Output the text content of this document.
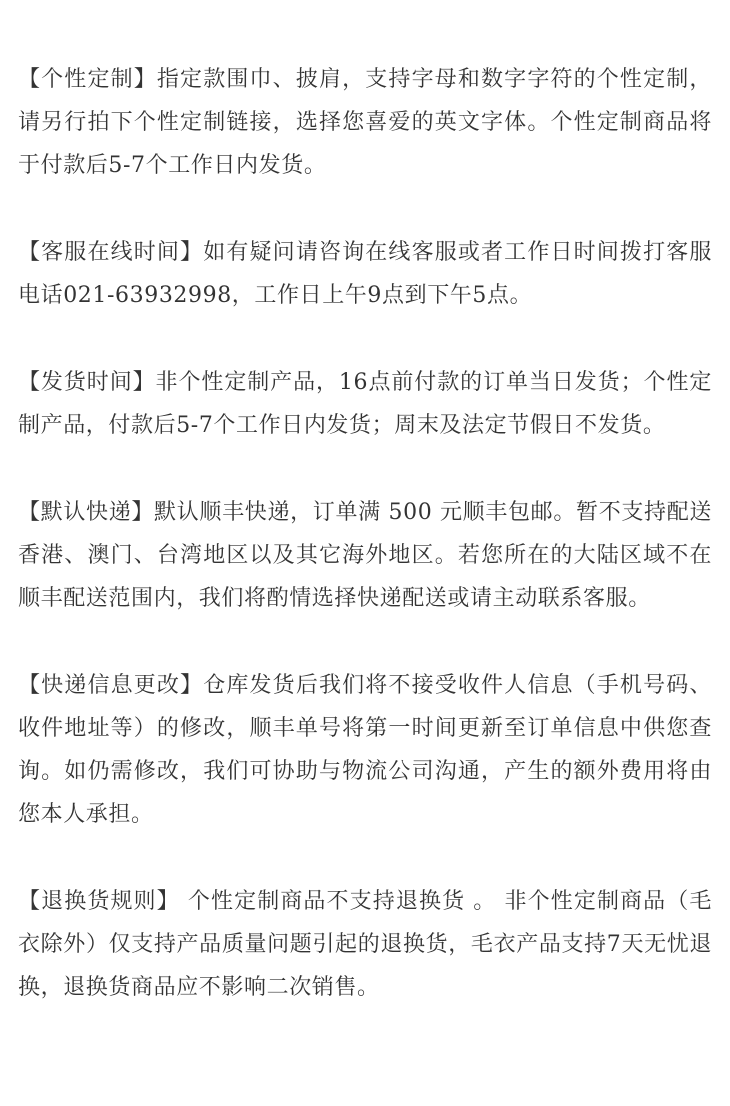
【个性定制】指定款围巾、披肩，支持字母和数字字符的个性定制，请另行拍下个性定制链接，选择您喜爱的英文字体。个性定制商品将于付款后5-7个工作日内发货。

【客服在线时间】如有疑问请咨询在线客服或者工作日时间拨打客服电话021-63932998，工作日上午9点到下午5点。

【发货时间】非个性定制产品，16点前付款的订单当日发货；个性定制产品，付款后5-7个工作日内发货；周末及法定节假日不发货。

【默认快递】默认顺丰快递，订单满 500 元顺丰包邮。暂不支持配送香港、澳门、台湾地区以及其它海外地区。若您所在的大陆区域不在顺丰配送范围内，我们将酌情选择快递配送或请主动联系客服。

【快递信息更改】仓库发货后我们将不接受收件人信息（手机号码、收件地址等）的修改，顺丰单号将第一时间更新至订单信息中供您查询。如仍需修改，我们可协助与物流公司沟通，产生的额外费用将由您本人承担。

【退换货规则】 个性定制商品不支持退换货 。 非个性定制商品（毛衣除外）仅支持产品质量问题引起的退换货，毛衣产品支持7天无忧退换，退换货商品应不影响二次销售。
